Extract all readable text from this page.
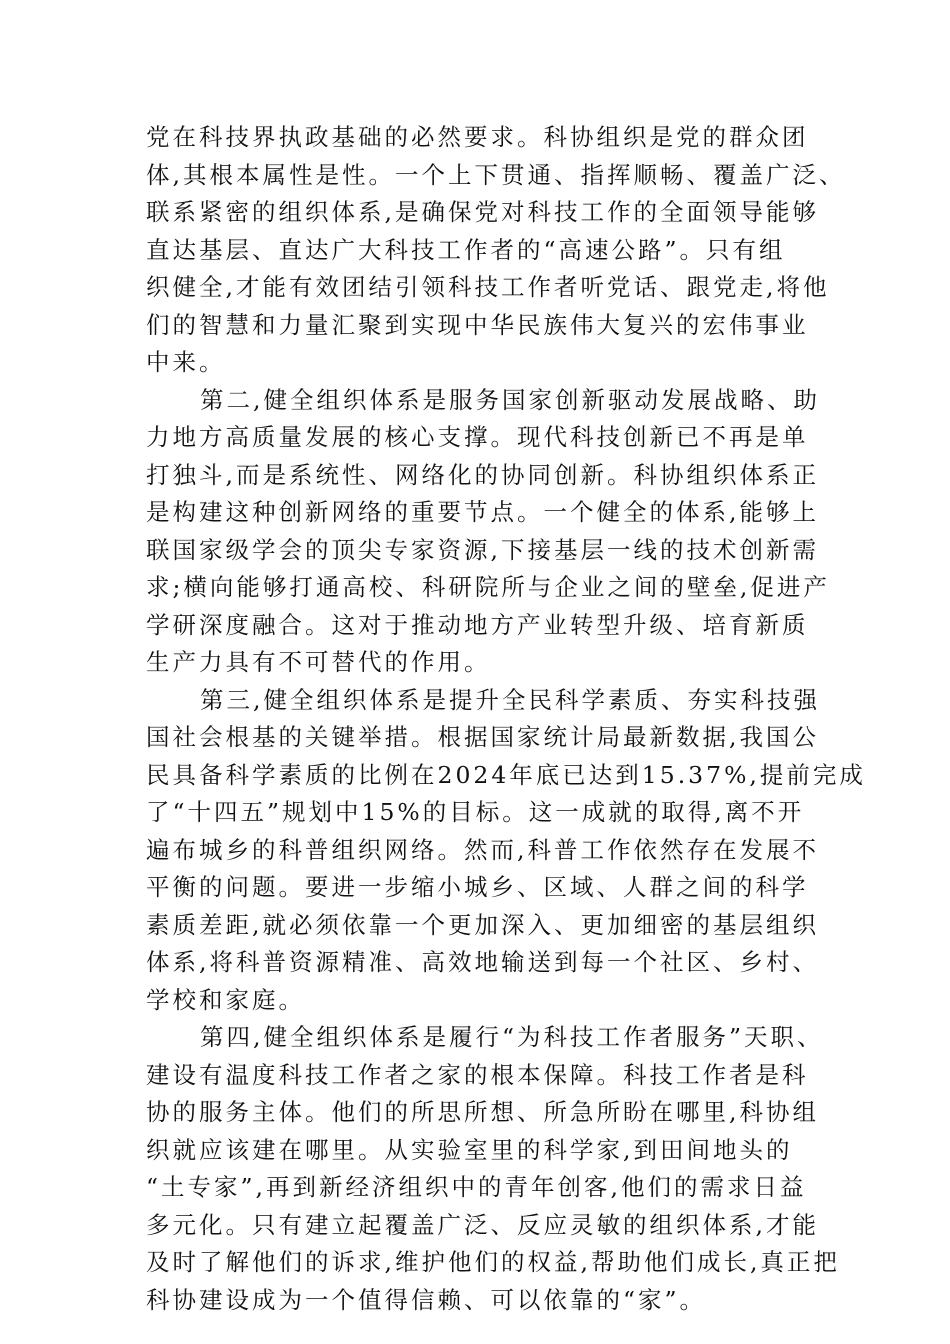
党在科技界执政基础的必然要求。科协组织是党的群众团
体,其根本属性是性。一个上下贯通、指挥顺畅、覆盖广泛、
联系紧密的组织体系,是确保党对科技工作的全面领导能够
直达基层、直达广大科技工作者的“高速公路”。只有组
织健全,才能有效团结引领科技工作者听党话、跟党走,将他
们的智慧和力量汇聚到实现中华民族伟大复兴的宏伟事业
中来。

第二,健全组织体系是服务国家创新驱动发展战略、助
力地方高质量发展的核心支撑。现代科技创新已不再是单
打独斗,而是系统性、网络化的协同创新。科协组织体系正
是构建这种创新网络的重要节点。一个健全的体系,能够上
联国家级学会的顶尖专家资源,下接基层一线的技术创新需
求;横向能够打通高校、科研院所与企业之间的壁垒,促进产
学研深度融合。这对于推动地方产业转型升级、培育新质
生产力具有不可替代的作用。

第三,健全组织体系是提升全民科学素质、夯实科技强
国社会根基的关键举措。根据国家统计局最新数据,我国公
民具备科学素质的比例在2024年底已达到15.37%,提前完成
了“十四五”规划中15%的目标。这一成就的取得,离不开
遍布城乡的科普组织网络。然而,科普工作依然存在发展不
平衡的问题。要进一步缩小城乡、区域、人群之间的科学
素质差距,就必须依靠一个更加深入、更加细密的基层组织
体系,将科普资源精准、高效地输送到每一个社区、乡村、
学校和家庭。

第四,健全组织体系是履行“为科技工作者服务”天职、
建设有温度科技工作者之家的根本保障。科技工作者是科
协的服务主体。他们的所思所想、所急所盼在哪里,科协组
织就应该建在哪里。从实验室里的科学家,到田间地头的
“土专家”,再到新经济组织中的青年创客,他们的需求日益
多元化。只有建立起覆盖广泛、反应灵敏的组织体系,才能
及时了解他们的诉求,维护他们的权益,帮助他们成长,真正把
科协建设成为一个值得信赖、可以依靠的“家”。
